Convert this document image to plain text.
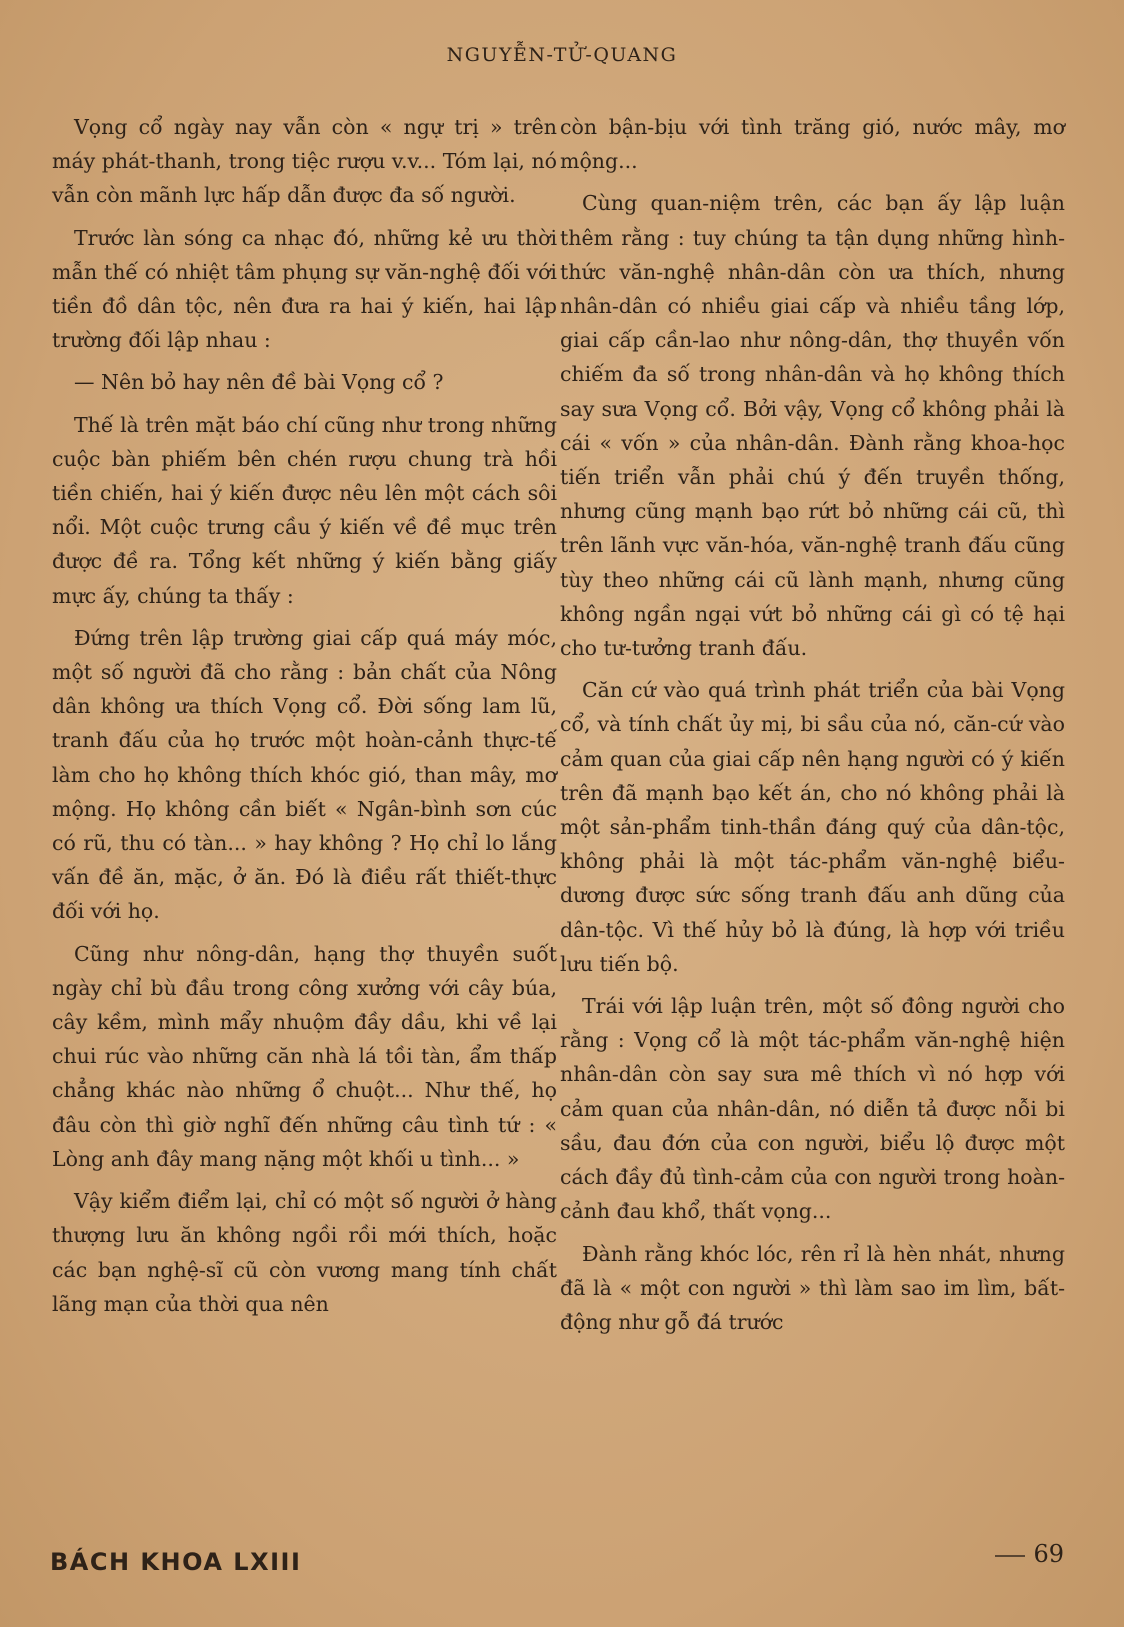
NGUYỄN-TỬ-QUANG

Vọng cổ ngày nay vẫn còn « ngự trị » trên máy phát-thanh, trong tiệc rượu v.v... Tóm lại, nó vẫn còn mãnh lực hấp dẫn được đa số người.

Trước làn sóng ca nhạc đó, những kẻ ưu thời mẫn thế có nhiệt tâm phụng sự văn-nghệ đối với tiền đồ dân tộc, nên đưa ra hai ý kiến, hai lập trường đối lập nhau :

— Nên bỏ hay nên đề bài Vọng cổ ?

Thế là trên mặt báo chí cũng như trong những cuộc bàn phiếm bên chén rượu chung trà hồi tiền chiến, hai ý kiến được nêu lên một cách sôi nổi. Một cuộc trưng cầu ý kiến về đề mục trên được đề ra. Tổng kết những ý kiến bằng giấy mực ấy, chúng ta thấy :

Đứng trên lập trường giai cấp quá máy móc, một số người đã cho rằng : bản chất của Nông dân không ưa thích Vọng cổ. Đời sống lam lũ, tranh đấu của họ trước một hoàn-cảnh thực-tế làm cho họ không thích khóc gió, than mây, mơ mộng. Họ không cần biết « Ngân-bình sơn cúc có rũ, thu có tàn... » hay không ? Họ chỉ lo lắng vấn đề ăn, mặc, ở ăn. Đó là điều rất thiết-thực đối với họ.

Cũng như nông-dân, hạng thợ thuyền suốt ngày chỉ bù đầu trong công xưởng với cây búa, cây kềm, mình mẩy nhuộm đầy dầu, khi về lại chui rúc vào những căn nhà lá tồi tàn, ẩm thấp chẳng khác nào những ổ chuột... Như thế, họ đâu còn thì giờ nghĩ đến những câu tình tứ : « Lòng anh đây mang nặng một khối u tình... »

Vậy kiểm điểm lại, chỉ có một số người ở hàng thượng lưu ăn không ngồi rồi mới thích, hoặc các bạn nghệ-sĩ cũ còn vương mang tính chất lãng mạn của thời qua nên

còn bận-bịu với tình trăng gió, nước mây, mơ mộng...

Cùng quan-niệm trên, các bạn ấy lập luận thêm rằng : tuy chúng ta tận dụng những hình-thức văn-nghệ nhân-dân còn ưa thích, nhưng nhân-dân có nhiều giai cấp và nhiều tầng lớp, giai cấp cần-lao như nông-dân, thợ thuyền vốn chiếm đa số trong nhân-dân và họ không thích say sưa Vọng cổ. Bởi vậy, Vọng cổ không phải là cái « vốn » của nhân-dân. Đành rằng khoa-học tiến triển vẫn phải chú ý đến truyền thống, nhưng cũng mạnh bạo rứt bỏ những cái cũ, thì trên lãnh vực văn-hóa, văn-nghệ tranh đấu cũng tùy theo những cái cũ lành mạnh, nhưng cũng không ngần ngại vứt bỏ những cái gì có tệ hại cho tư-tưởng tranh đấu.

Căn cứ vào quá trình phát triển của bài Vọng cổ, và tính chất ủy mị, bi sầu của nó, căn-cứ vào cảm quan của giai cấp nên hạng người có ý kiến trên đã mạnh bạo kết án, cho nó không phải là một sản-phẩm tinh-thần đáng quý của dân-tộc, không phải là một tác-phẩm văn-nghệ biểu-dương được sức sống tranh đấu anh dũng của dân-tộc. Vì thế hủy bỏ là đúng, là hợp với triều lưu tiến bộ.

Trái với lập luận trên, một số đông người cho rằng : Vọng cổ là một tác-phẩm văn-nghệ hiện nhân-dân còn say sưa mê thích vì nó hợp với cảm quan của nhân-dân, nó diễn tả được nỗi bi sầu, đau đớn của con người, biểu lộ được một cách đầy đủ tình-cảm của con người trong hoàn-cảnh đau khổ, thất vọng...

Đành rằng khóc lóc, rên rỉ là hèn nhát, nhưng đã là « một con người » thì làm sao im lìm, bất-động như gỗ đá trước

BÁCH KHOA LXIII	69
